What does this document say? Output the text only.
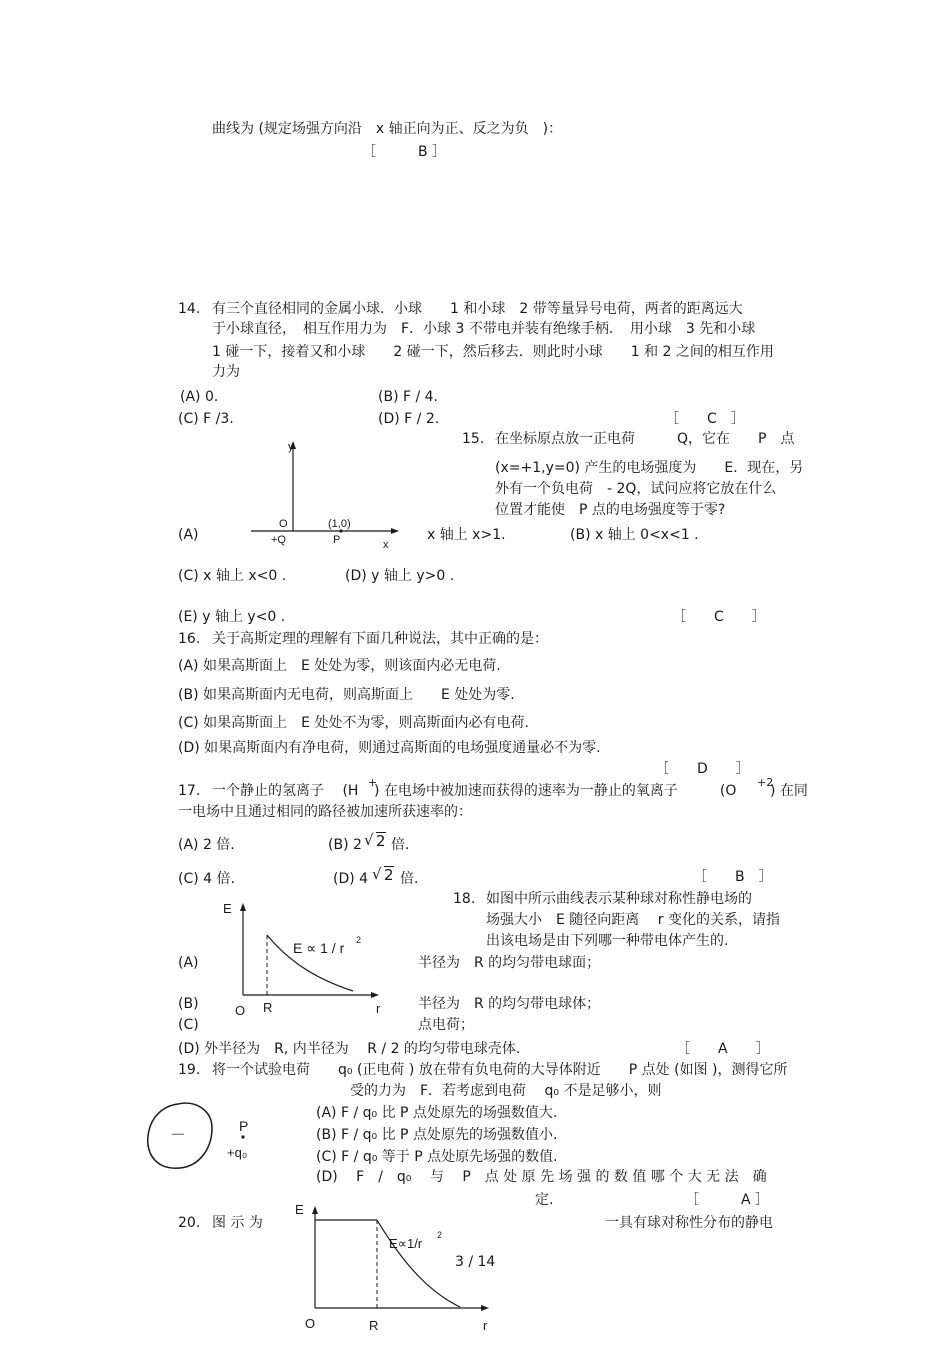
曲线为 (规定场强方向沿　x 轴正向为正、反之为负　)：
［　　　B ］
14. 有三个直径相同的金属小球．小球　　1 和小球　2 带等量异号电荷，两者的距离远大
于小球直径，　相互作用力为　F．小球 3 不带电并装有绝缘手柄．　用小球　3 先和小球
1 碰一下，接着又和小球　　2 碰一下，然后移去．则此时小球　　1 和 2 之间的相互作用
力为
(A) 0．	(B) F / 4.
(C) F /3.	(D) F / 2.	［　　C　］
y
O	(1,0)
+Q	P	x
15. 在坐标原点放一正电荷　　　Q，它在　　P　点
(x=+1,y=0) 产生的电场强度为　　E．现在，另
外有一个负电荷　- 2Q，试问应将它放在什么
位置才能使　P 点的电场强度等于零?
(A)	x 轴上 x>1.	(B) x 轴上 0<x<1 .
(C) x 轴上 x<0 .	(D) y 轴上 y>0 .
(E) y 轴上 y<0 .	［　　C　　］
16. 关于高斯定理的理解有下面几种说法，其中正确的是：
(A) 如果高斯面上　E 处处为零，则该面内必无电荷.
(B) 如果高斯面内无电荷，则高斯面上　　E 处处为零.
(C) 如果高斯面上　E 处处不为零，则高斯面内必有电荷.
(D) 如果高斯面内有净电荷，则通过高斯面的电场强度通量必不为零.
［　　D　　］
17. 一个静止的氢离子　 (H
+
) 在电场中被加速而获得的速率为一静止的氧离子　　　(O
+2
) 在同
一电场中且通过相同的路径被加速所获速率的：
(A) 2 倍.	(B) 2 √ 2 倍.
(C) 4 倍.	(D) 4 √ 2 倍.	［　　B　］
E
E ∝ 1 / r 2
O R	r
18. 如图中所示曲线表示某种球对称性静电场的
场强大小　E 随径向距离　 r 变化的关系，请指
出该电场是由下列哪一种带电体产生的.
(A)	半径为　R 的均匀带电球面；
(B)	半径为　R 的均匀带电球体；
(C)	点电荷；
(D) 外半径为　R, 内半径为　 R / 2 的均匀带电球壳体.	［　　A　　］
19. 将一个试验电荷　　q₀ (正电荷 ) 放在带有负电荷的大导体附近　　P 点处 (如图 )，测得它所
受的力为　F．若考虑到电荷　 q₀ 不是足够小，则
－
P
+q₀
(A) F / q₀ 比 P 点处原先的场强数值大.
(B) F / q₀ 比 P 点处原先的场强数值小.
(C) F / q₀ 等于 P 点处原先场强的数值.
(D)　 F　/　q₀　 与　 P　点 处 原 先 场 强 的 数 值 哪 个 大 无 法　确
定.	［　　　A ］
20. 图 示 为	一具有球对称性分布的静电
E
E∝1/r
2
O	R	r
3 / 14
